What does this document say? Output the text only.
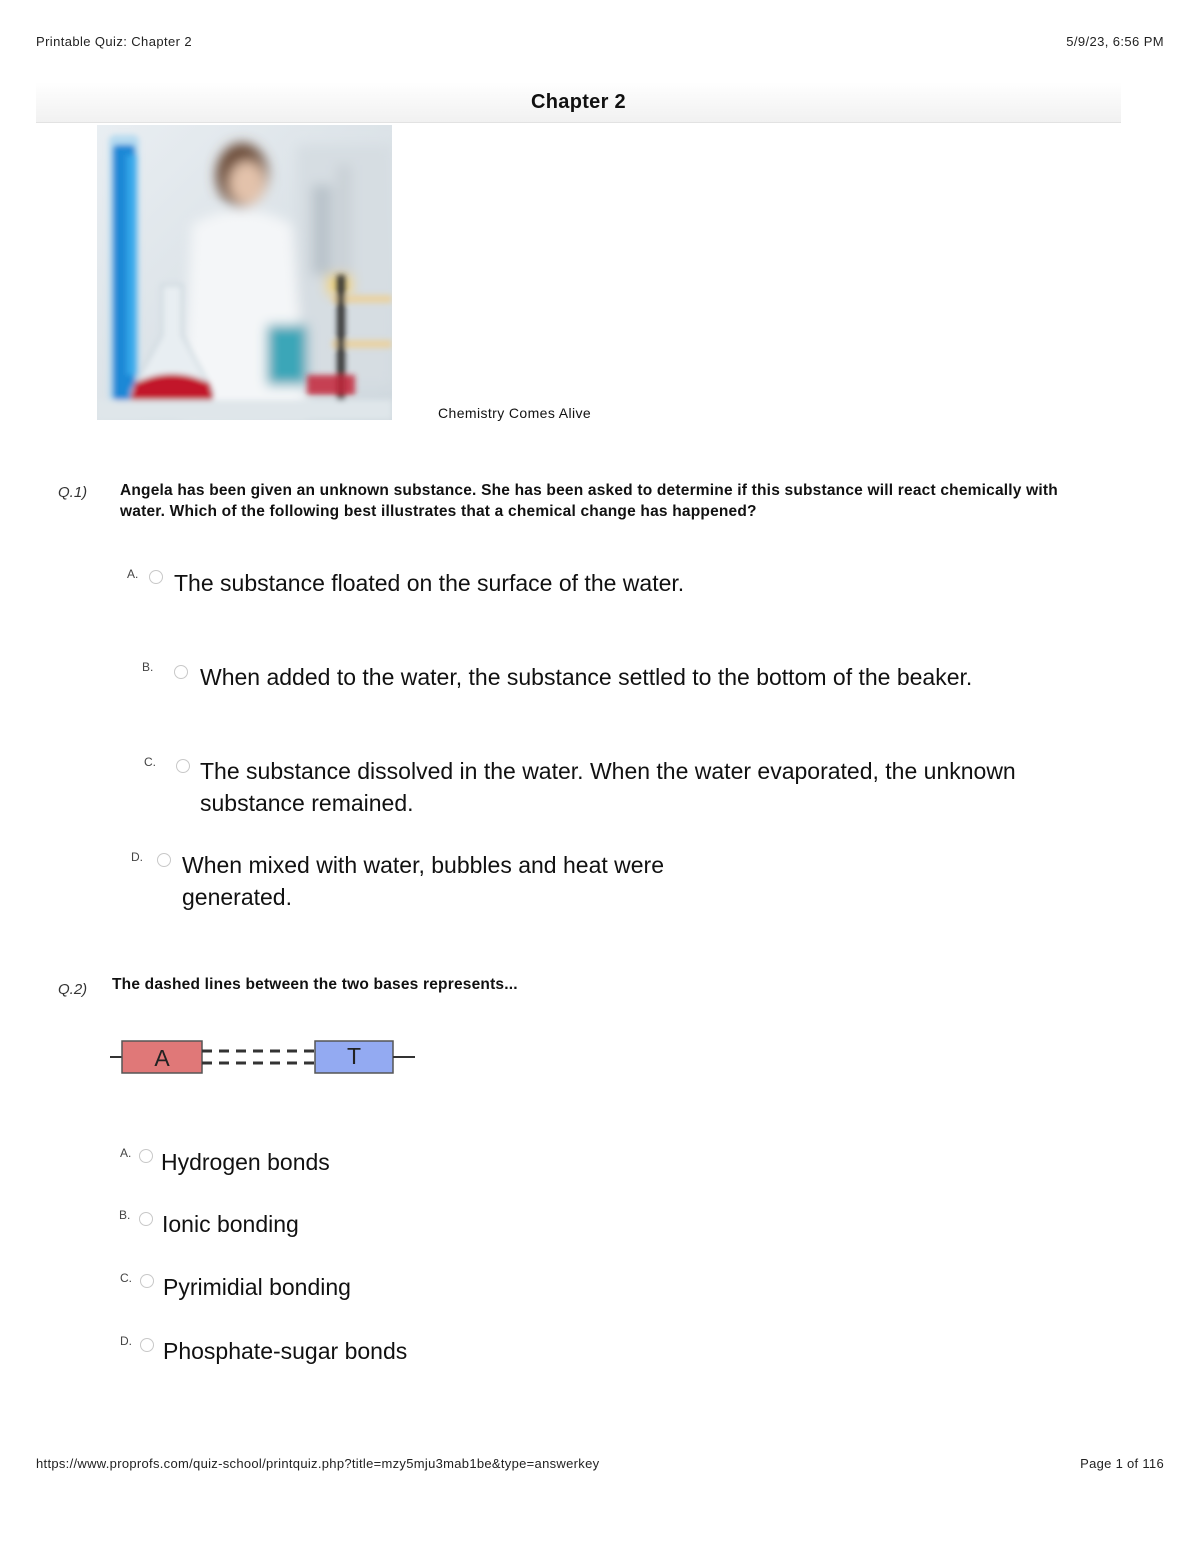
Printable Quiz: Chapter 2	5/9/23, 6:56 PM
Chapter 2
Chemistry Comes Alive
Q.1) Angela has been given an unknown substance. She has been asked to determine if this substance will react chemically with water. Which of the following best illustrates that a chemical change has happened?
A. The substance floated on the surface of the water.
B. When added to the water, the substance settled to the bottom of the beaker.
C. The substance dissolved in the water. When the water evaporated, the unknown substance remained.
D. When mixed with water, bubbles and heat were generated.
Q.2) The dashed lines between the two bases represents...
A	T
A. Hydrogen bonds
B. Ionic bonding
C. Pyrimidial bonding
D. Phosphate-sugar bonds
https://www.proprofs.com/quiz-school/printquiz.php?title=mzy5mju3mab1be&type=answerkey	Page 1 of 116
